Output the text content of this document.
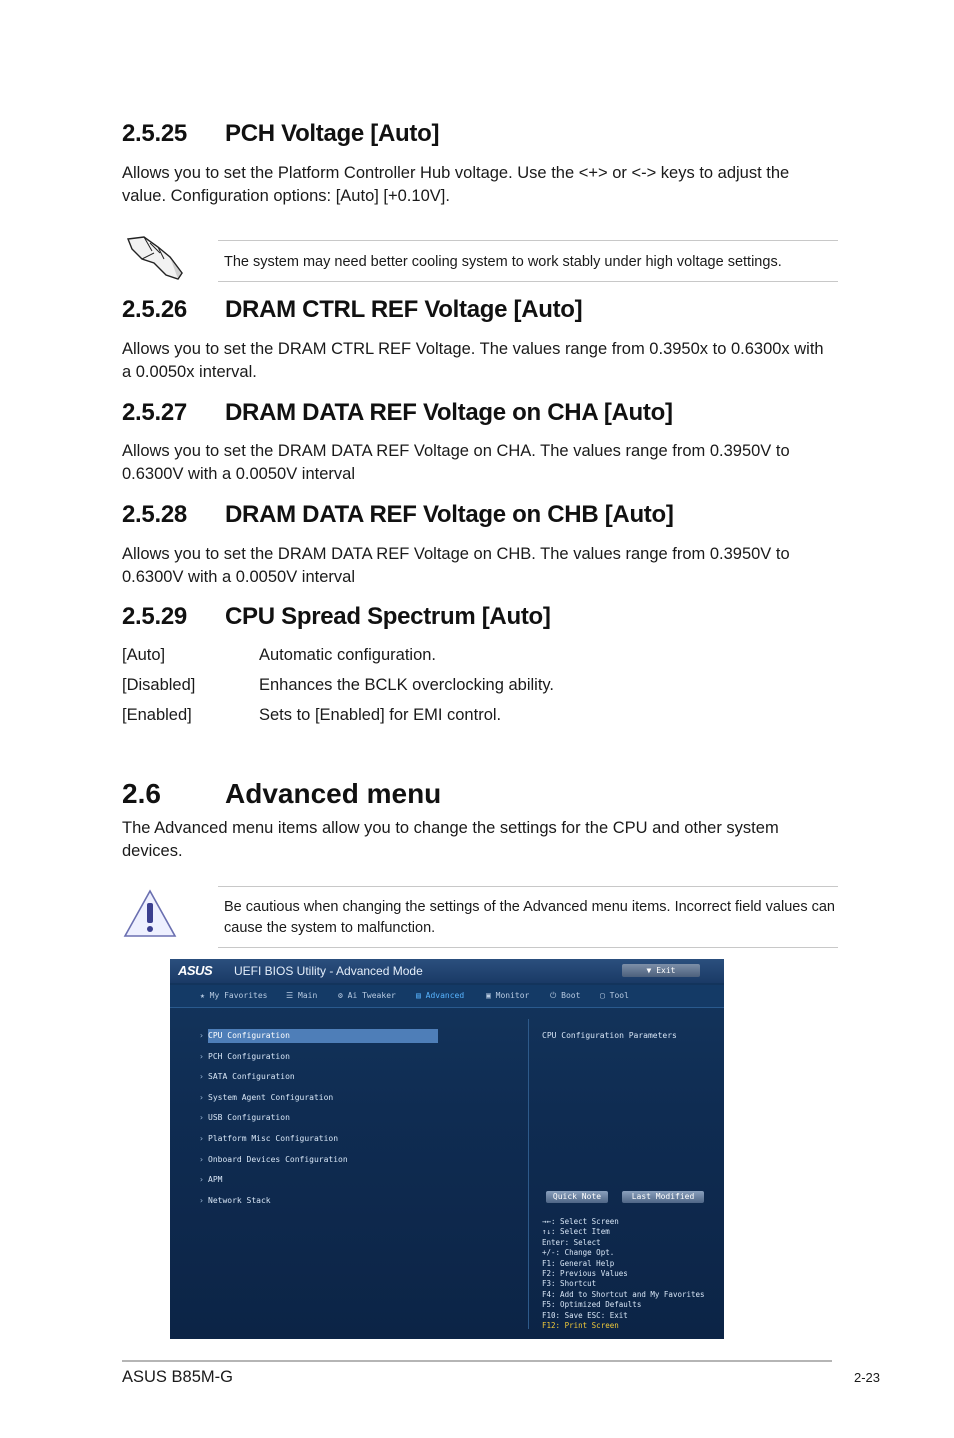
2.5.25 PCH Voltage [Auto]

Allows you to set the Platform Controller Hub voltage. Use the <+> or <-> keys to adjust the value. Configuration options: [Auto] [+0.10V].

The system may need better cooling system to work stably under high voltage settings.

2.5.26 DRAM CTRL REF Voltage [Auto]

Allows you to set the DRAM CTRL REF Voltage. The values range from 0.3950x to 0.6300x with a 0.0050x interval.

2.5.27 DRAM DATA REF Voltage on CHA [Auto]

Allows you to set the DRAM DATA REF Voltage on CHA. The values range from 0.3950V to 0.6300V with a 0.0050V interval

2.5.28 DRAM DATA REF Voltage on CHB [Auto]

Allows you to set the DRAM DATA REF Voltage on CHB. The values range from 0.3950V to 0.6300V with a 0.0050V interval

2.5.29 CPU Spread Spectrum [Auto]
[Auto]	Automatic configuration.
[Disabled]	Enhances the BCLK overclocking ability.
[Enabled]	Sets to [Enabled] for EMI control.
2.6 Advanced menu

The Advanced menu items allow you to change the settings for the CPU and other system devices.

Be cautious when changing the settings of the Advanced menu items. Incorrect field values can cause the system to malfunction.

ASUS UEFI BIOS Utility - Advanced Mode	▼ Exit
★ My Favorites ☰ Main	⚙ Ai Tweaker	▤ Advanced	▣ Monitor	⏻ Boot ▢ Tool
› CPU Configuration
› PCH Configuration
› SATA Configuration
› System Agent Configuration
› USB Configuration
› Platform Misc Configuration
› Onboard Devices Configuration
› APM
› Network Stack
CPU Configuration Parameters
Quick Note	Last Modified
→←: Select Screen
↑↓: Select Item
Enter: Select
+/-: Change Opt.
F1: General Help
F2: Previous Values
F3: Shortcut
F4: Add to Shortcut and My Favorites
F5: Optimized Defaults
F10: Save ESC: Exit
F12: Print Screen
ASUS B85M-G	2-23
